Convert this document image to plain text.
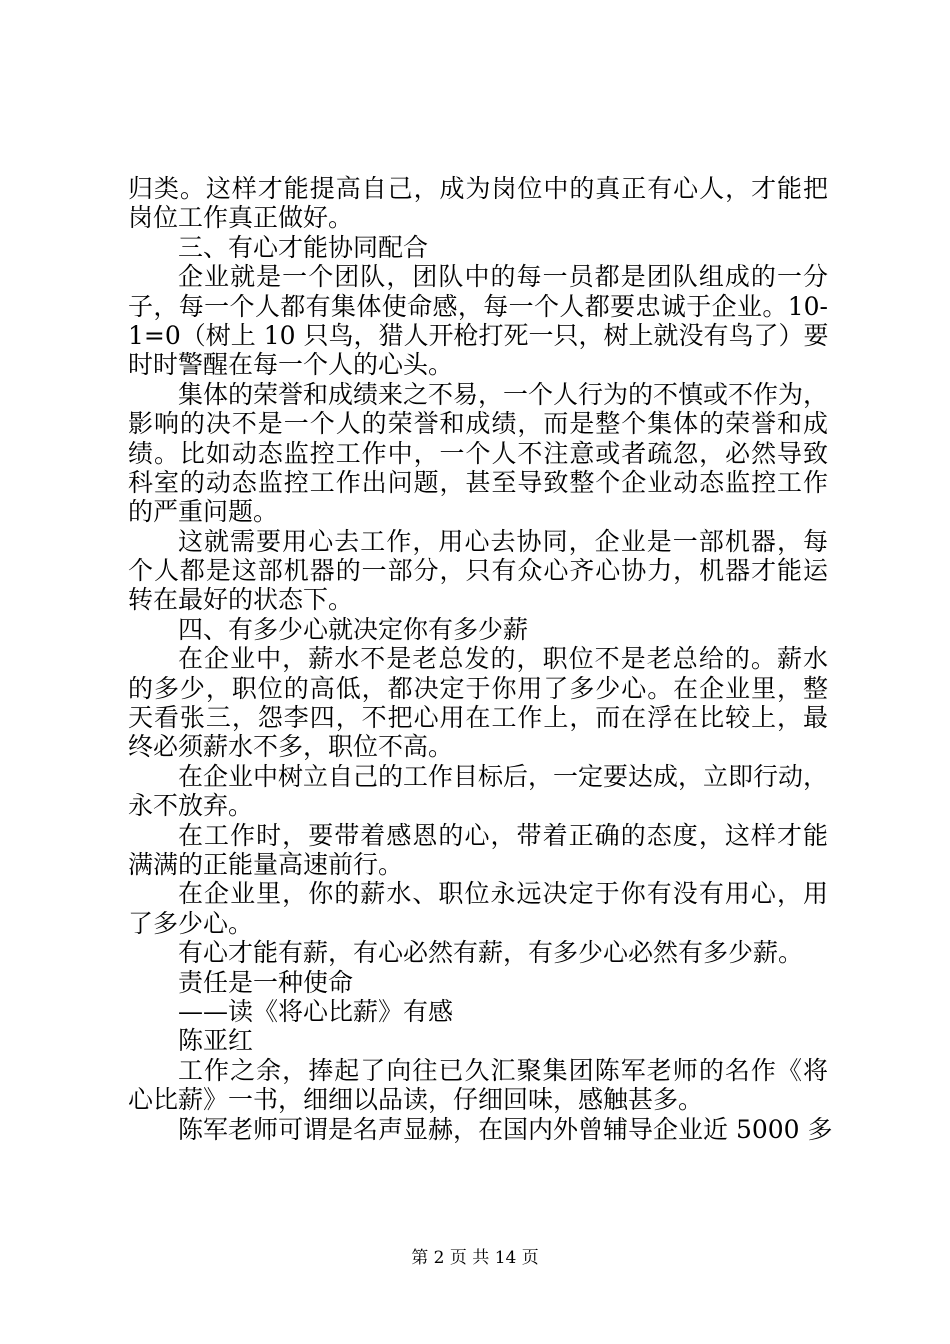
归类。这样才能提高自己，成为岗位中的真正有心人，才能把
岗位工作真正做好。
三、有心才能协同配合
企业就是一个团队，团队中的每一员都是团队组成的一分
子，每一个人都有集体使命感，每一个人都要忠诚于企业。10-
1=0（树上 10 只鸟，猎人开枪打死一只，树上就没有鸟了）要
时时警醒在每一个人的心头。
集体的荣誉和成绩来之不易，一个人行为的不慎或不作为，
影响的决不是一个人的荣誉和成绩，而是整个集体的荣誉和成
绩。比如动态监控工作中，一个人不注意或者疏忽，必然导致
科室的动态监控工作出问题，甚至导致整个企业动态监控工作
的严重问题。
这就需要用心去工作，用心去协同，企业是一部机器，每
个人都是这部机器的一部分，只有众心齐心协力，机器才能运
转在最好的状态下。
四、有多少心就决定你有多少薪
在企业中，薪水不是老总发的，职位不是老总给的。薪水
的多少，职位的高低，都决定于你用了多少心。在企业里，整
天看张三，怨李四，不把心用在工作上，而在浮在比较上，最
终必须薪水不多，职位不高。
在企业中树立自己的工作目标后，一定要达成，立即行动，
永不放弃。
在工作时，要带着感恩的心，带着正确的态度，这样才能
满满的正能量高速前行。
在企业里，你的薪水、职位永远决定于你有没有用心，用
了多少心。
有心才能有薪，有心必然有薪，有多少心必然有多少薪。
责任是一种使命
——读《将心比薪》有感
陈亚红
工作之余，捧起了向往已久汇聚集团陈军老师的名作《将
心比薪》一书，细细以品读，仔细回味，感触甚多。
陈军老师可谓是名声显赫，在国内外曾辅导企业近 5000 多
第 2 页 共 14 页
